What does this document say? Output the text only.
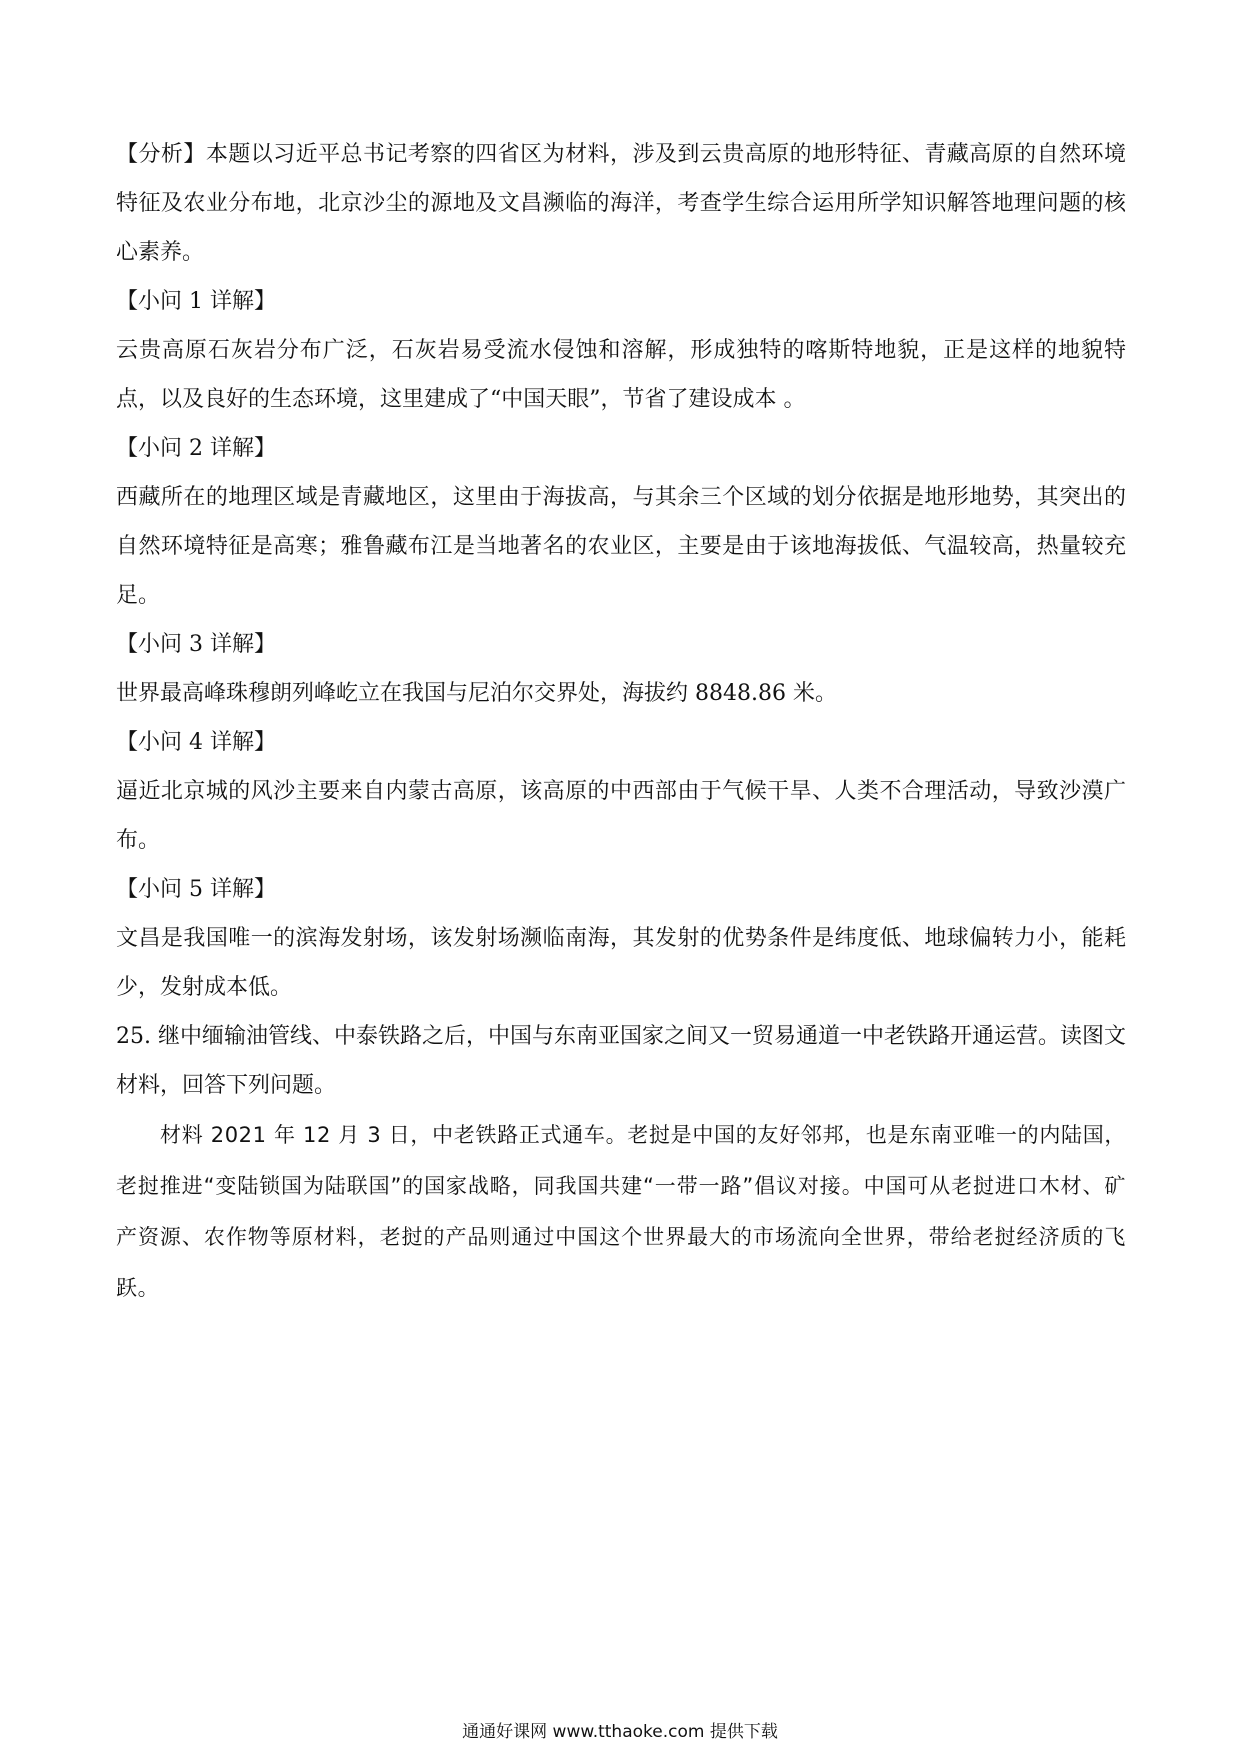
【分析】本题以习近平总书记考察的四省区为材料，涉及到云贵高原的地形特征、青藏高原的自然环境特征及农业分布地，北京沙尘的源地及文昌濒临的海洋，考查学生综合运用所学知识解答地理问题的核心素养。

【小问 1 详解】

云贵高原石灰岩分布广泛，石灰岩易受流水侵蚀和溶解，形成独特的喀斯特地貌，正是这样的地貌特点，以及良好的生态环境，这里建成了“中国天眼”，节省了建设成本 。

【小问 2 详解】

西藏所在的地理区域是青藏地区，这里由于海拔高，与其余三个区域的划分依据是地形地势，其突出的自然环境特征是高寒；雅鲁藏布江是当地著名的农业区，主要是由于该地海拔低、气温较高，热量较充足。

【小问 3 详解】

世界最高峰珠穆朗列峰屹立在我国与尼泊尔交界处，海拔约 8848.86 米。

【小问 4 详解】

逼近北京城的风沙主要来自内蒙古高原，该高原的中西部由于气候干旱、人类不合理活动，导致沙漠广布。

【小问 5 详解】

文昌是我国唯一的滨海发射场，该发射场濒临南海，其发射的优势条件是纬度低、地球偏转力小，能耗少，发射成本低。

25. 继中缅输油管线、中泰铁路之后，中国与东南亚国家之间又一贸易通道一中老铁路开通运营。读图文材料，回答下列问题。

材料 2021 年 12 月 3 日，中老铁路正式通车。老挝是中国的友好邻邦，也是东南亚唯一的内陆国，老挝推进“变陆锁国为陆联国”的国家战略，同我国共建“一带一路”倡议对接。中国可从老挝进口木材、矿产资源、农作物等原材料，老挝的产品则通过中国这个世界最大的市场流向全世界，带给老挝经济质的飞跃。

通通好课网 www.tthaoke.com 提供下载
